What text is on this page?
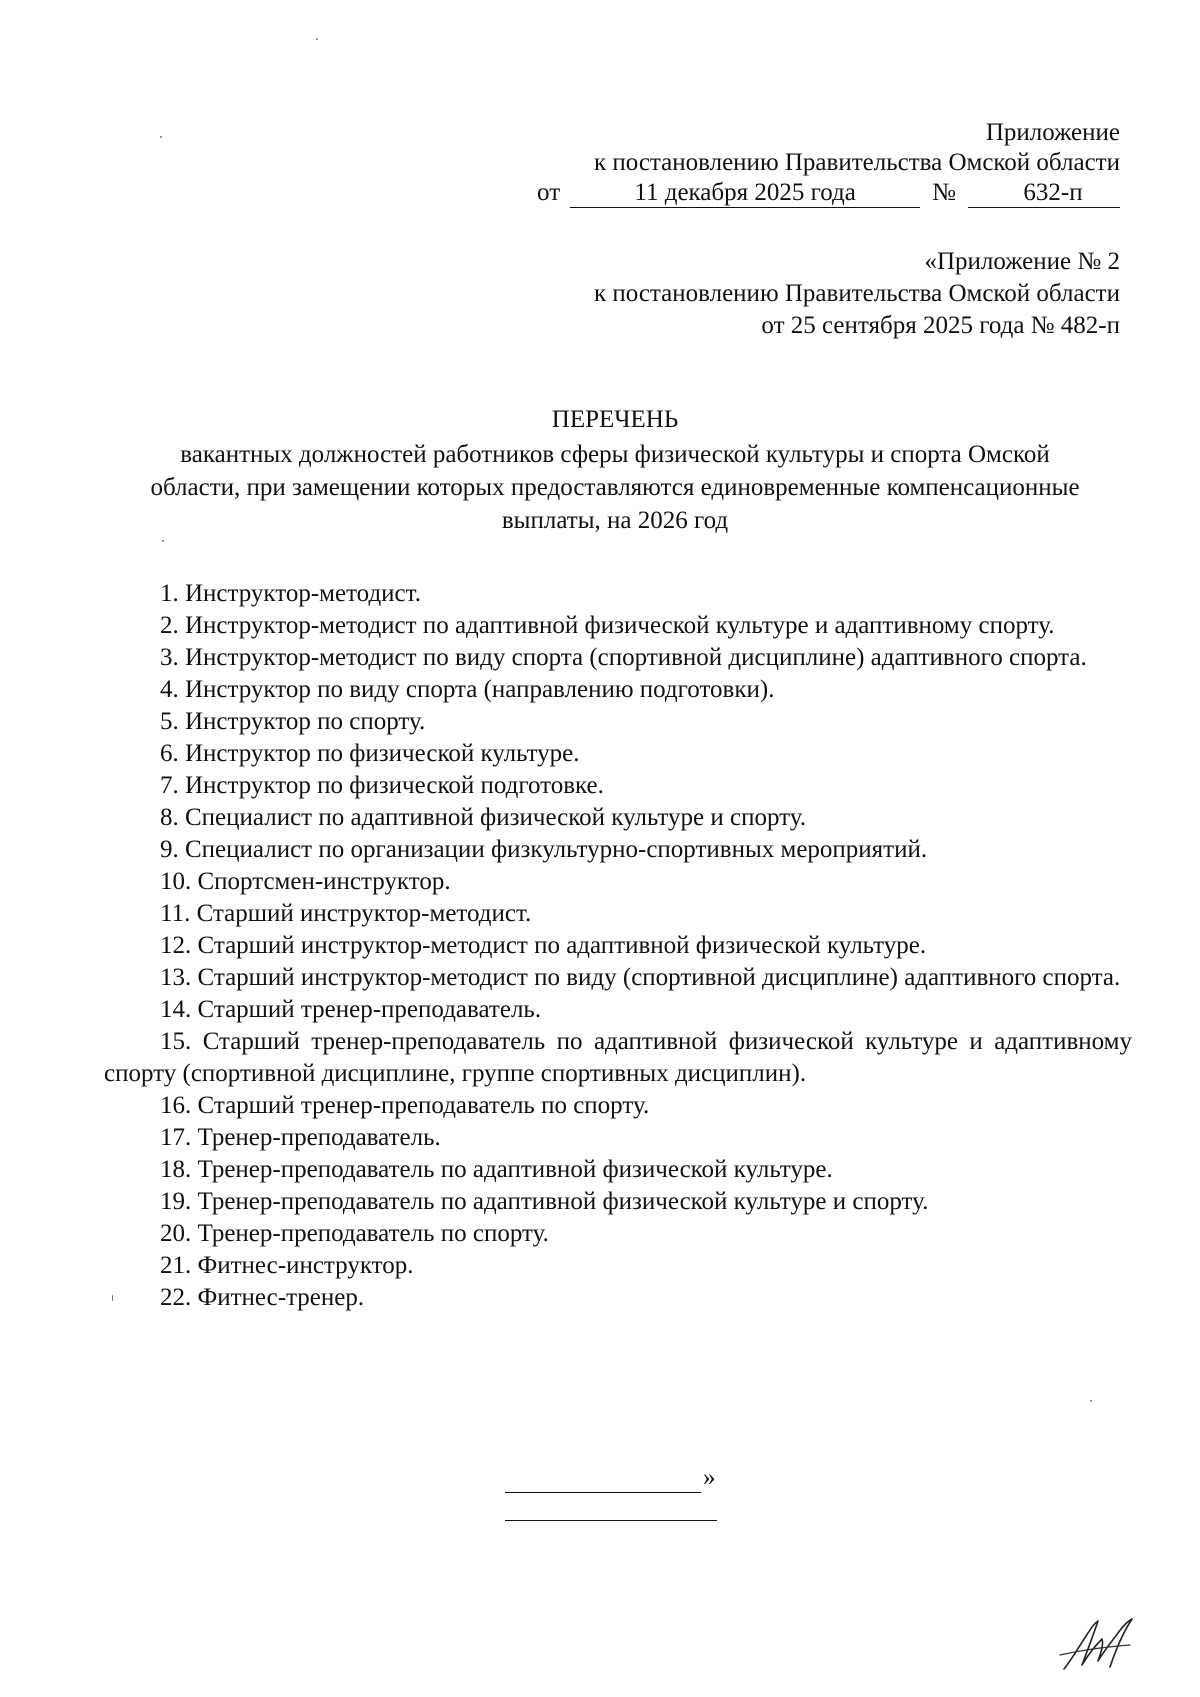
Приложение
к постановлению Правительства Омской области
от	11 декабря 2025 года	№	632-п
«Приложение № 2
к постановлению Правительства Омской области
от 25 сентября 2025 года № 482-п
ПЕРЕЧЕНЬ
вакантных должностей работников сферы физической культуры и спорта Омской области, при замещении которых предоставляются единовременные компенсационные выплаты, на 2026 год
1. Инструктор-методист.
2. Инструктор-методист по адаптивной физической культуре и адаптивному спорту.
3. Инструктор-методист по виду спорта (спортивной дисциплине) адаптивного спорта.
4. Инструктор по виду спорта (направлению подготовки).
5. Инструктор по спорту.
6. Инструктор по физической культуре.
7. Инструктор по физической подготовке.
8. Специалист по адаптивной физической культуре и спорту.
9. Специалист по организации физкультурно-спортивных мероприятий.
10. Спортсмен-инструктор.
11. Старший инструктор-методист.
12. Старший инструктор-методист по адаптивной физической культуре.
13. Старший инструктор-методист по виду (спортивной дисциплине) адаптивного спорта.
14. Старший тренер-преподаватель.
15. Старший тренер-преподаватель по адаптивной физической культуре и адаптивному спорту (спортивной дисциплине, группе спортивных дисциплин).
16. Старший тренер-преподаватель по спорту.
17. Тренер-преподаватель.
18. Тренер-преподаватель по адаптивной физической культуре.
19. Тренер-преподаватель по адаптивной физической культуре и спорту.
20. Тренер-преподаватель по спорту.
21. Фитнес-инструктор.
22. Фитнес-тренер.
»
